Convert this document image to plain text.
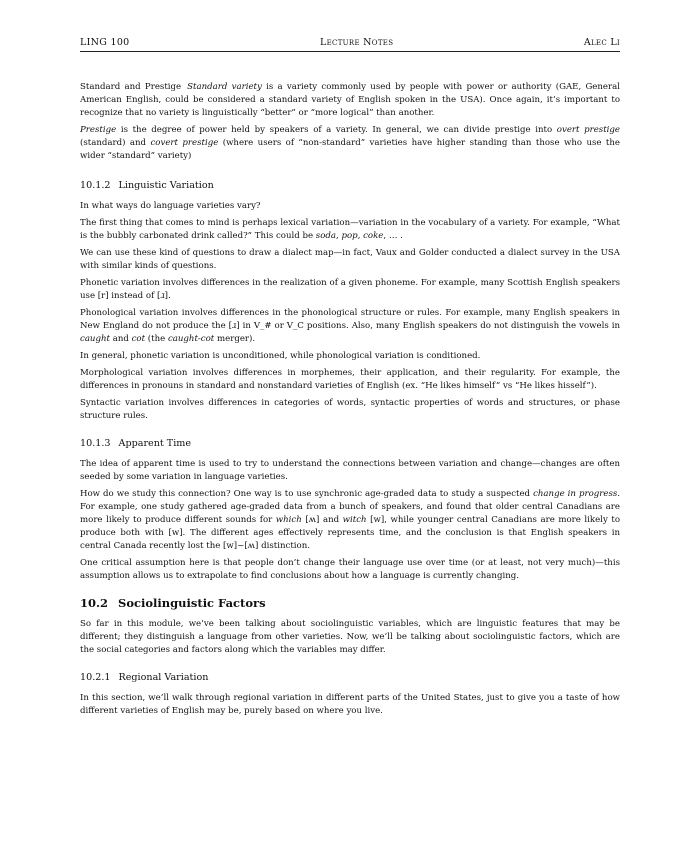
LING 100	Lecture Notes	Alec Li

Standard and Prestige Standard variety is a variety commonly used by people with power or authority (GAE, General American English, could be considered a standard variety of English spoken in the USA). Once again, it’s important to recognize that no variety is linguistically “better” or “more logical” than another.

Prestige is the degree of power held by speakers of a variety. In general, we can divide prestige into overt prestige (standard) and covert prestige (where users of “non-standard” varieties have higher standing than those who use the wider “standard” variety)

10.1.2 Linguistic Variation

In what ways do language varieties vary?

The first thing that comes to mind is perhaps lexical variation—variation in the vocabulary of a variety. For example, “What is the bubbly carbonated drink called?” This could be soda, pop, coke, … .

We can use these kind of questions to draw a dialect map—in fact, Vaux and Golder conducted a dialect survey in the USA with similar kinds of questions.

Phonetic variation involves differences in the realization of a given phoneme. For example, many Scottish English speakers use [r] instead of [ɹ].

Phonological variation involves differences in the phonological structure or rules. For example, many English speakers in New England do not produce the [ɹ] in V_# or V_C positions. Also, many English speakers do not distinguish the vowels in caught and cot (the caught-cot merger).

In general, phonetic variation is unconditioned, while phonological variation is conditioned.

Morphological variation involves differences in morphemes, their application, and their regularity. For example, the differences in pronouns in standard and nonstandard varieties of English (ex. “He likes himself” vs “He likes hisself”).

Syntactic variation involves differences in categories of words, syntactic properties of words and structures, or phase structure rules.

10.1.3 Apparent Time

The idea of apparent time is used to try to understand the connections between variation and change—changes are often seeded by some variation in language varieties.

How do we study this connection? One way is to use synchronic age-graded data to study a suspected change in progress. For example, one study gathered age-graded data from a bunch of speakers, and found that older central Canadians are more likely to produce different sounds for which [ʍ] and witch [w], while younger central Canadians are more likely to produce both with [w]. The different ages effectively represents time, and the conclusion is that English speakers in central Canada recently lost the [w]~[ʍ] distinction.

One critical assumption here is that people don’t change their language use over time (or at least, not very much)—this assumption allows us to extrapolate to find conclusions about how a language is currently changing.

10.2 Sociolinguistic Factors

So far in this module, we’ve been talking about sociolinguistic variables, which are linguistic features that may be different; they distinguish a language from other varieties. Now, we’ll be talking about sociolinguistic factors, which are the social categories and factors along which the variables may differ.

10.2.1 Regional Variation

In this section, we’ll walk through regional variation in different parts of the United States, just to give you a taste of how different varieties of English may be, purely based on where you live.
